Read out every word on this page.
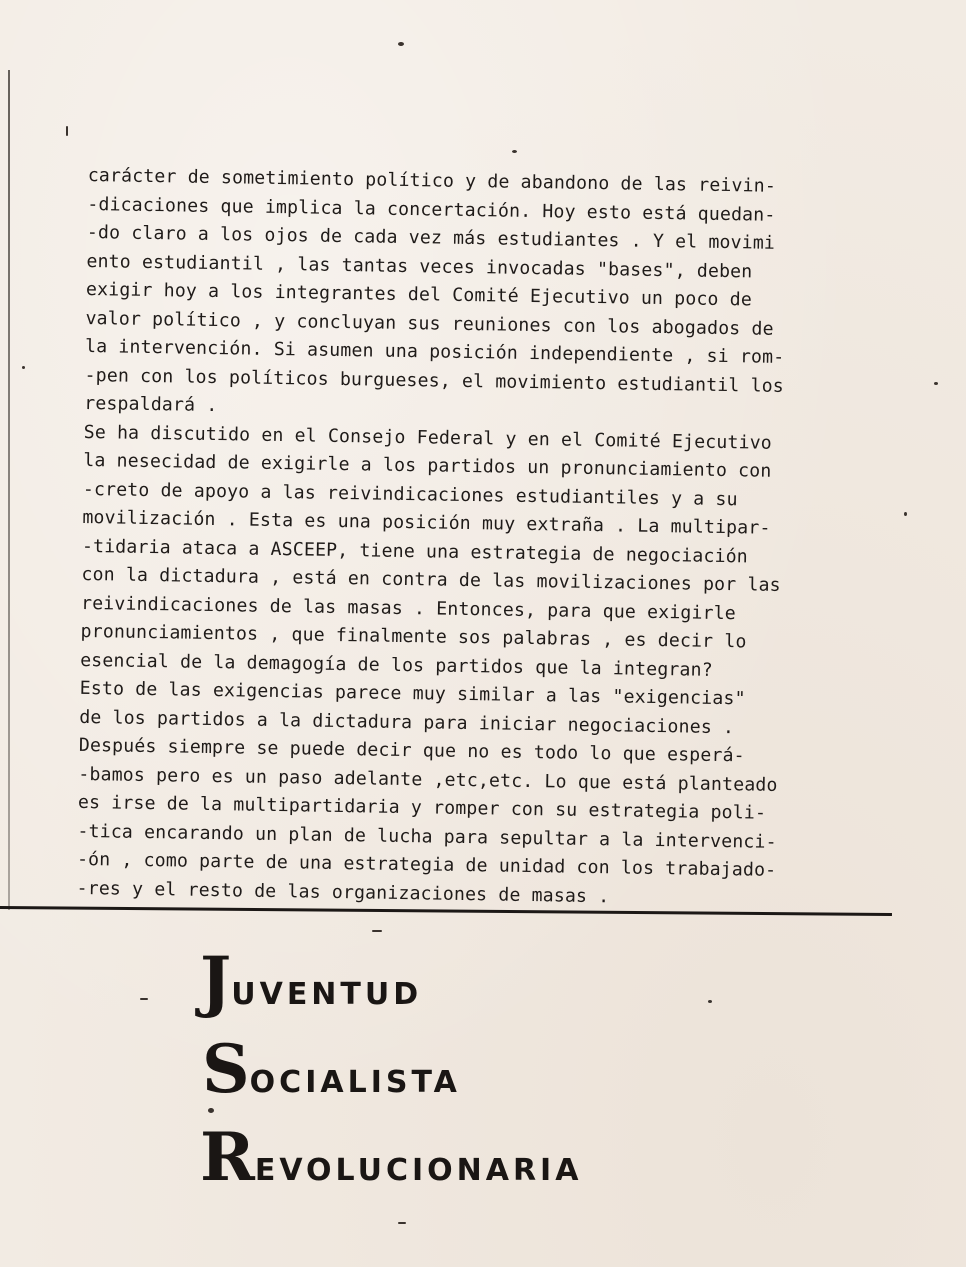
carácter de sometimiento político y de abandono de las reivin-
-dicaciones que implica la concertación. Hoy esto está quedan-
-do claro a los ojos de cada vez más estudiantes . Y el movimi
ento estudiantil , las tantas veces invocadas "bases", deben
exigir hoy a los integrantes del Comité Ejecutivo un poco de
valor político , y concluyan sus reuniones con los abogados de
la intervención. Si asumen una posición independiente , si rom-
-pen con los políticos burgueses, el movimiento estudiantil los
respaldará .
Se ha discutido en el Consejo Federal y en el Comité Ejecutivo
la nesecidad de exigirle a los partidos un pronunciamiento con
-creto de apoyo a las reivindicaciones estudiantiles y a su
movilización . Esta es una posición muy extraña . La multipar-
-tidaria ataca a ASCEEP, tiene una estrategia de negociación
con la dictadura , está en contra de las movilizaciones por las
reivindicaciones de las masas . Entonces, para que exigirle
pronunciamientos , que finalmente sos palabras , es decir lo
esencial de la demagogía de los partidos que la integran?
Esto de las exigencias parece muy similar a las "exigencias"
de los partidos a la dictadura para iniciar negociaciones .
Después siempre se puede decir que no es todo lo que esperá-
-bamos pero es un paso adelante ,etc,etc. Lo que está planteado
es irse de la multipartidaria y romper con su estrategia poli-
-tica encarando un plan de lucha para sepultar a la intervenci-
-ón , como parte de una estrategia de unidad con los trabajado-
-res y el resto de las organizaciones de masas .
JUVENTUD
SOCIALISTA
REVOLUCIONARIA
